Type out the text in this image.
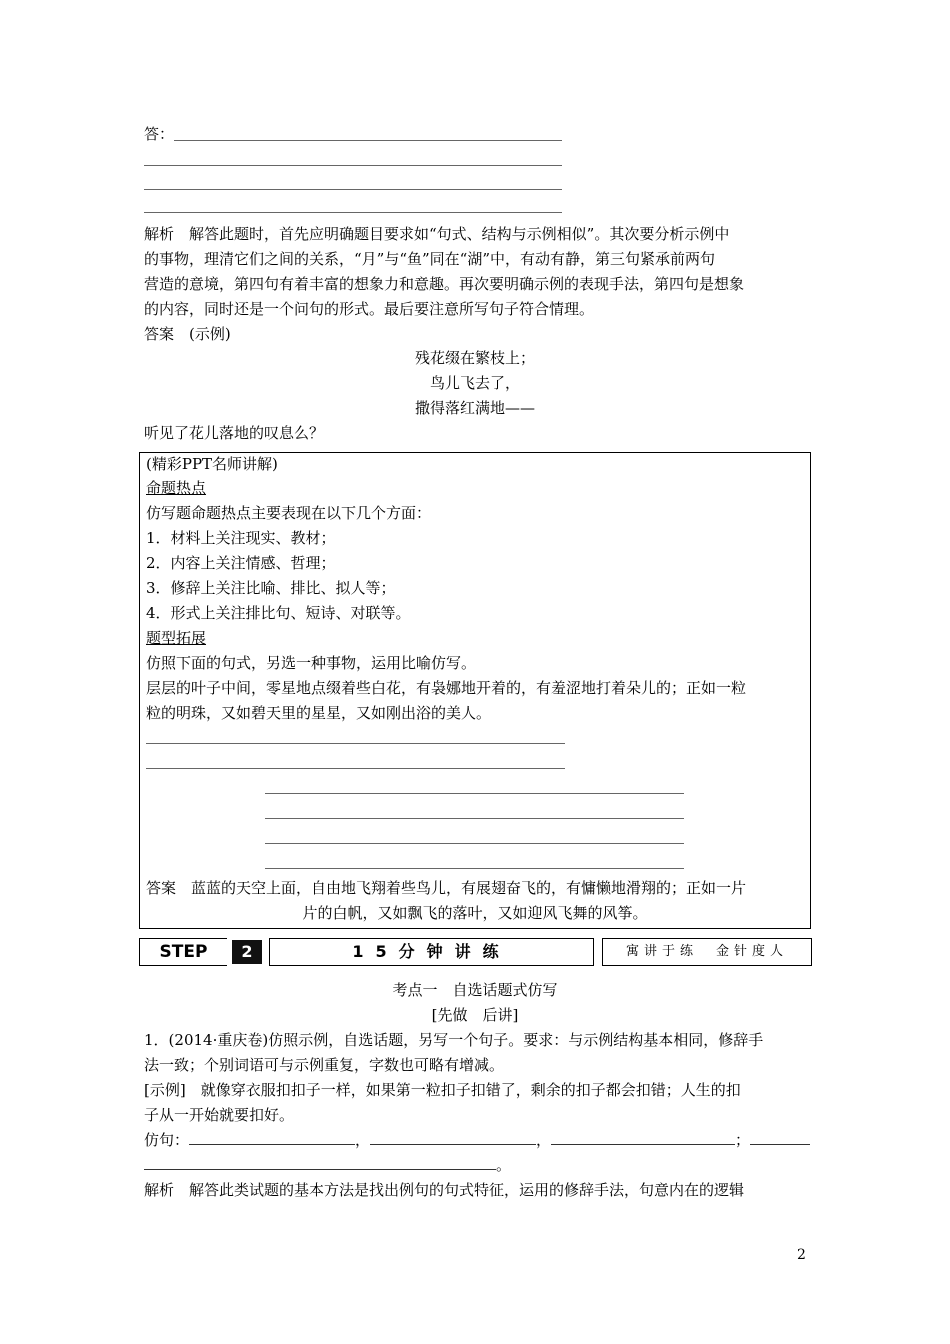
答：
解析　解答此题时，首先应明确题目要求如“句式、结构与示例相似”。其次要分析示例中
的事物，理清它们之间的关系，“月”与“鱼”同在“湖”中，有动有静，第三句紧承前两句
营造的意境，第四句有着丰富的想象力和意趣。再次要明确示例的表现手法，第四句是想象
的内容，同时还是一个问句的形式。最后要注意所写句子符合情理。
答案　(示例)
残花缀在繁枝上；
鸟儿飞去了，
撒得落红满地——
听见了花儿落地的叹息么？
(精彩PPT名师讲解)
命题热点
仿写题命题热点主要表现在以下几个方面：
1．材料上关注现实、教材；
2．内容上关注情感、哲理；
3．修辞上关注比喻、排比、拟人等；
4．形式上关注排比句、短诗、对联等。
题型拓展
仿照下面的句式，另选一种事物，运用比喻仿写。
层层的叶子中间，零星地点缀着些白花，有袅娜地开着的，有羞涩地打着朵儿的；正如一粒
粒的明珠，又如碧天里的星星，又如刚出浴的美人。
答案　蓝蓝的天空上面，自由地飞翔着些鸟儿，有展翅奋飞的，有慵懒地滑翔的；正如一片
片的白帆，又如飘飞的落叶，又如迎风飞舞的风筝。
STEP	2	15分钟讲练	寓讲于练　金针度人
考点一　自选话题式仿写
[先做　后讲]
1．(2014·重庆卷)仿照示例，自选话题，另写一个句子。要求：与示例结构基本相同，修辞手
法一致；个别词语可与示例重复，字数也可略有增减。
[示例]　就像穿衣服扣扣子一样，如果第一粒扣子扣错了，剩余的扣子都会扣错；人生的扣
子从一开始就要扣好。
仿句：	，	，	；
。
解析　解答此类试题的基本方法是找出例句的句式特征，运用的修辞手法，句意内在的逻辑
2
